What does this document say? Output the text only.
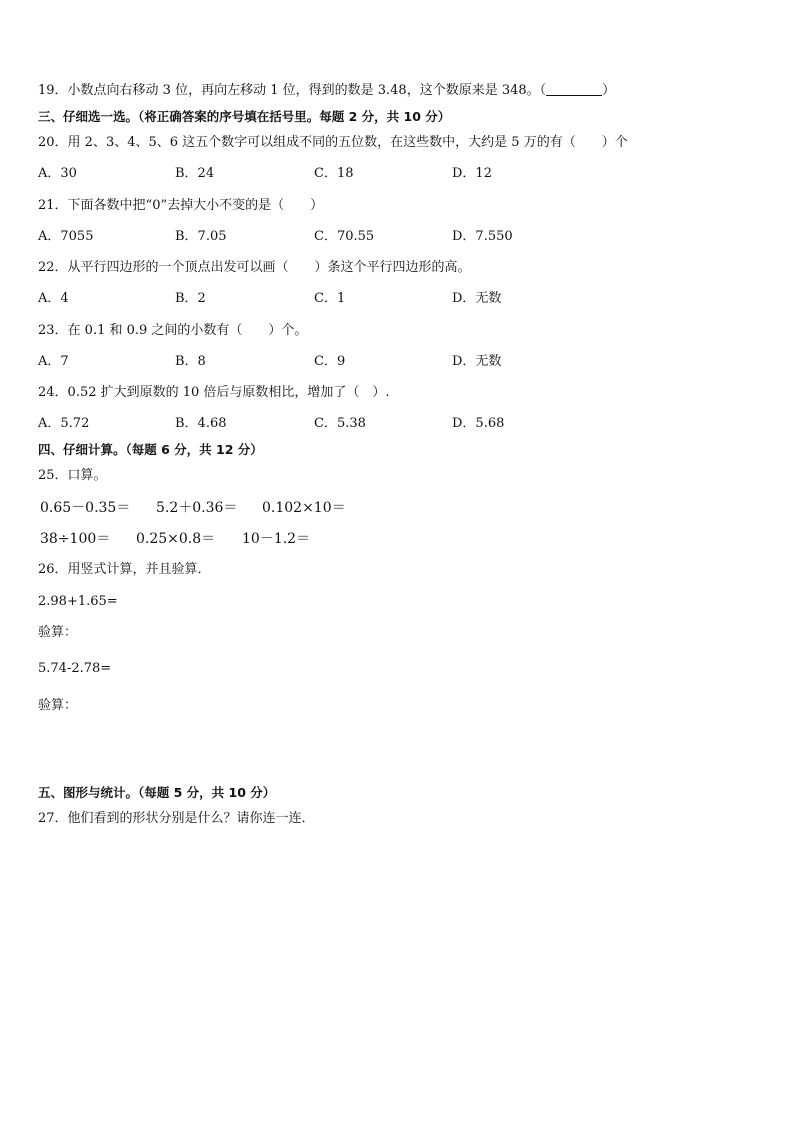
19．小数点向右移动 3 位，再向左移动 1 位，得到的数是 3.48，这个数原来是 348。（	）
三、仔细选一选。（将正确答案的序号填在括号里。每题 2 分，共 10 分）
20．用 2、3、4、5、6 这五个数字可以组成不同的五位数，在这些数中，大约是 5 万的有（　　）个
A．30	B．24	C．18	D．12
21．下面各数中把“0”去掉大小不变的是（　　）
A．7055	B．7.05	C．70.55	D．7.550
22．从平行四边形的一个顶点出发可以画（　　）条这个平行四边形的高。
A．4	B．2	C．1	D．无数
23．在 0.1 和 0.9 之间的小数有（　　）个。
A．7	B．8	C．9	D．无数
24．0.52 扩大到原数的 10 倍后与原数相比，增加了（　）.
A．5.72	B．4.68	C．5.38	D．5.68
四、仔细计算。（每题 6 分，共 12 分）
25．口算。
0.65－0.35＝ 5.2＋0.36＝ 0.102×10＝
38÷100＝ 0.25×0.8＝ 10－1.2＝
26．用竖式计算，并且验算．
2.98+1.65=
验算：
5.74-2.78=
验算：
五、图形与统计。（每题 5 分，共 10 分）
27．他们看到的形状分别是什么？请你连一连．
